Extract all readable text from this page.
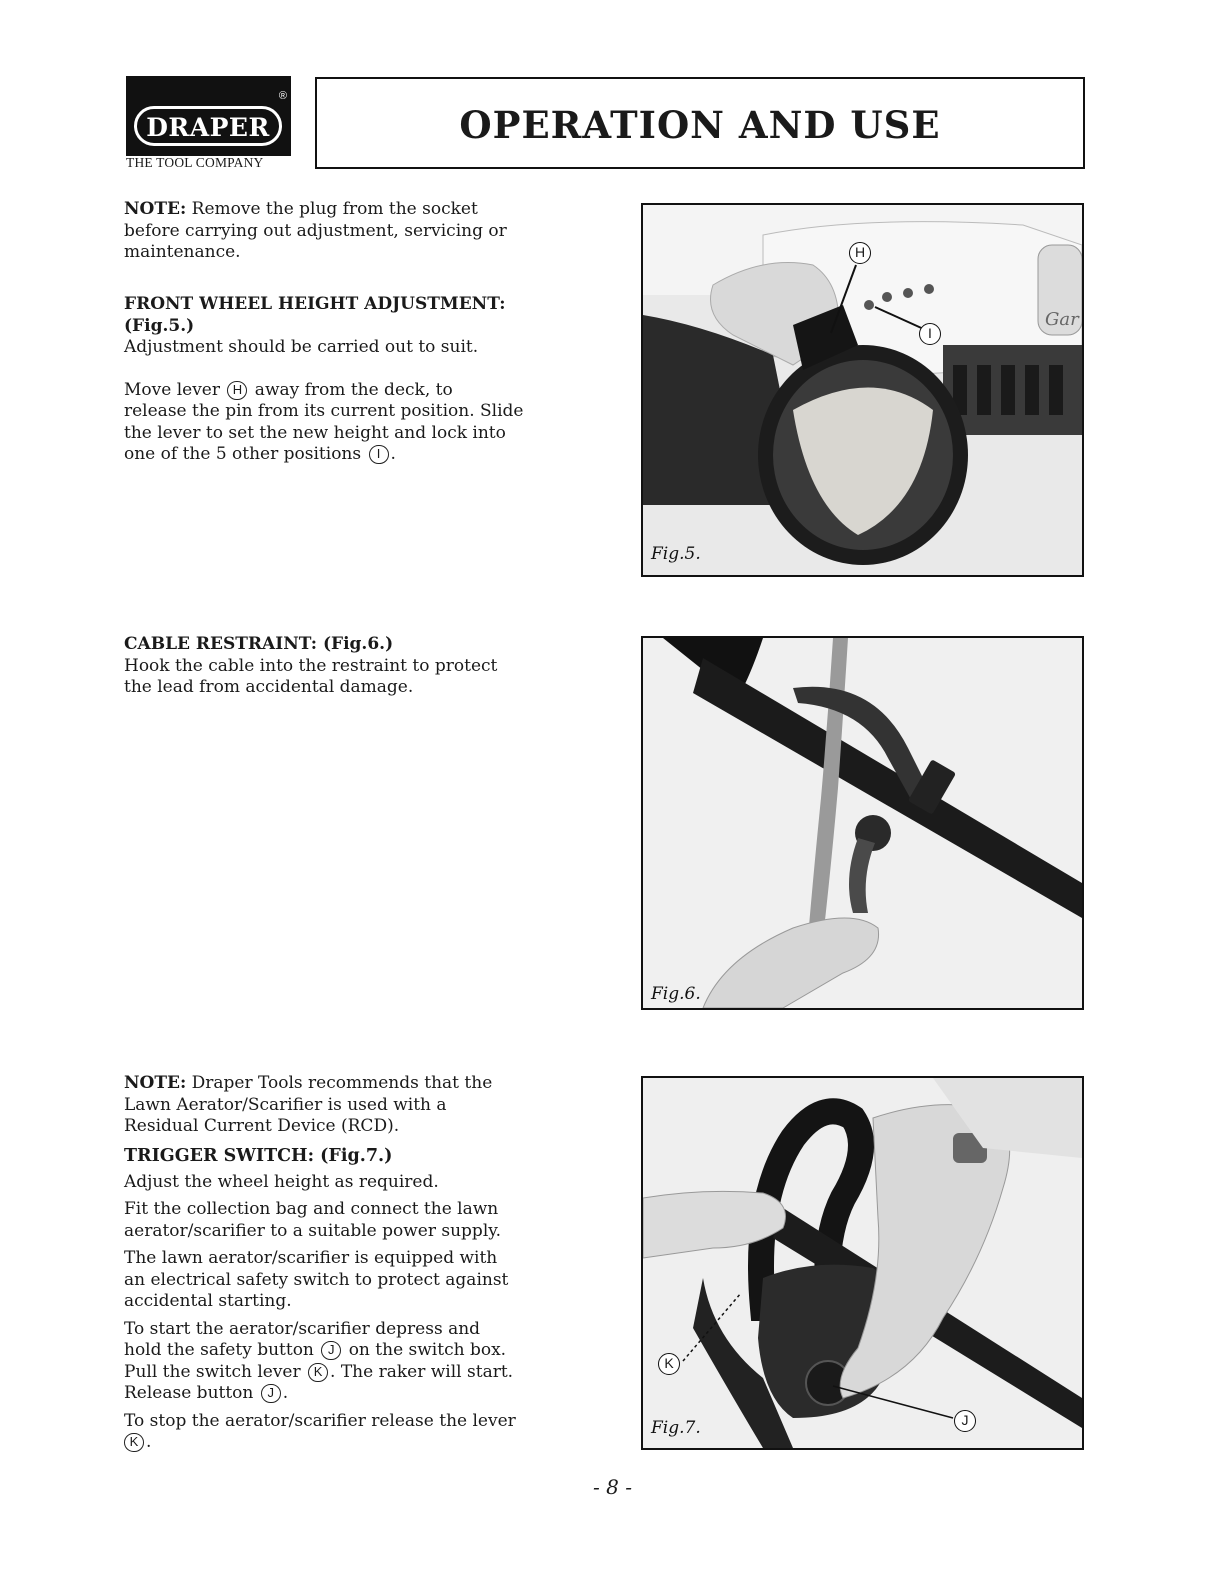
®
DRAPER
THE TOOL COMPANY
OPERATION AND USE

NOTE: Remove the plug from the socket

before carrying out adjustment, servicing or

maintenance.

FRONT WHEEL HEIGHT ADJUSTMENT:

(Fig.5.)

Adjustment should be carried out to suit.

Move lever H away from the deck, to

release the pin from its current position. Slide

the lever to set the new height and lock into

one of the 5 other positions I .

CABLE RESTRAINT: (Fig.6.)

Hook the cable into the restraint to protect

the lead from accidental damage.

NOTE: Draper Tools recommends that the

Lawn Aerator/Scarifier is used with a

Residual Current Device (RCD).

TRIGGER SWITCH: (Fig.7.)

Adjust the wheel height as required.

Fit the collection bag and connect the lawn

aerator/scarifier to a suitable power supply.

The lawn aerator/scarifier is equipped with

an electrical safety switch to protect against

accidental starting.

To start the aerator/scarifier depress and

hold the safety button J on the switch box.

Pull the switch lever K . The raker will start.

Release button J .

To stop the aerator/scarifier release the lever

K .

Gar
H
I
Fig.5.
Fig.6.
K
J
Fig.7.
- 8 -
